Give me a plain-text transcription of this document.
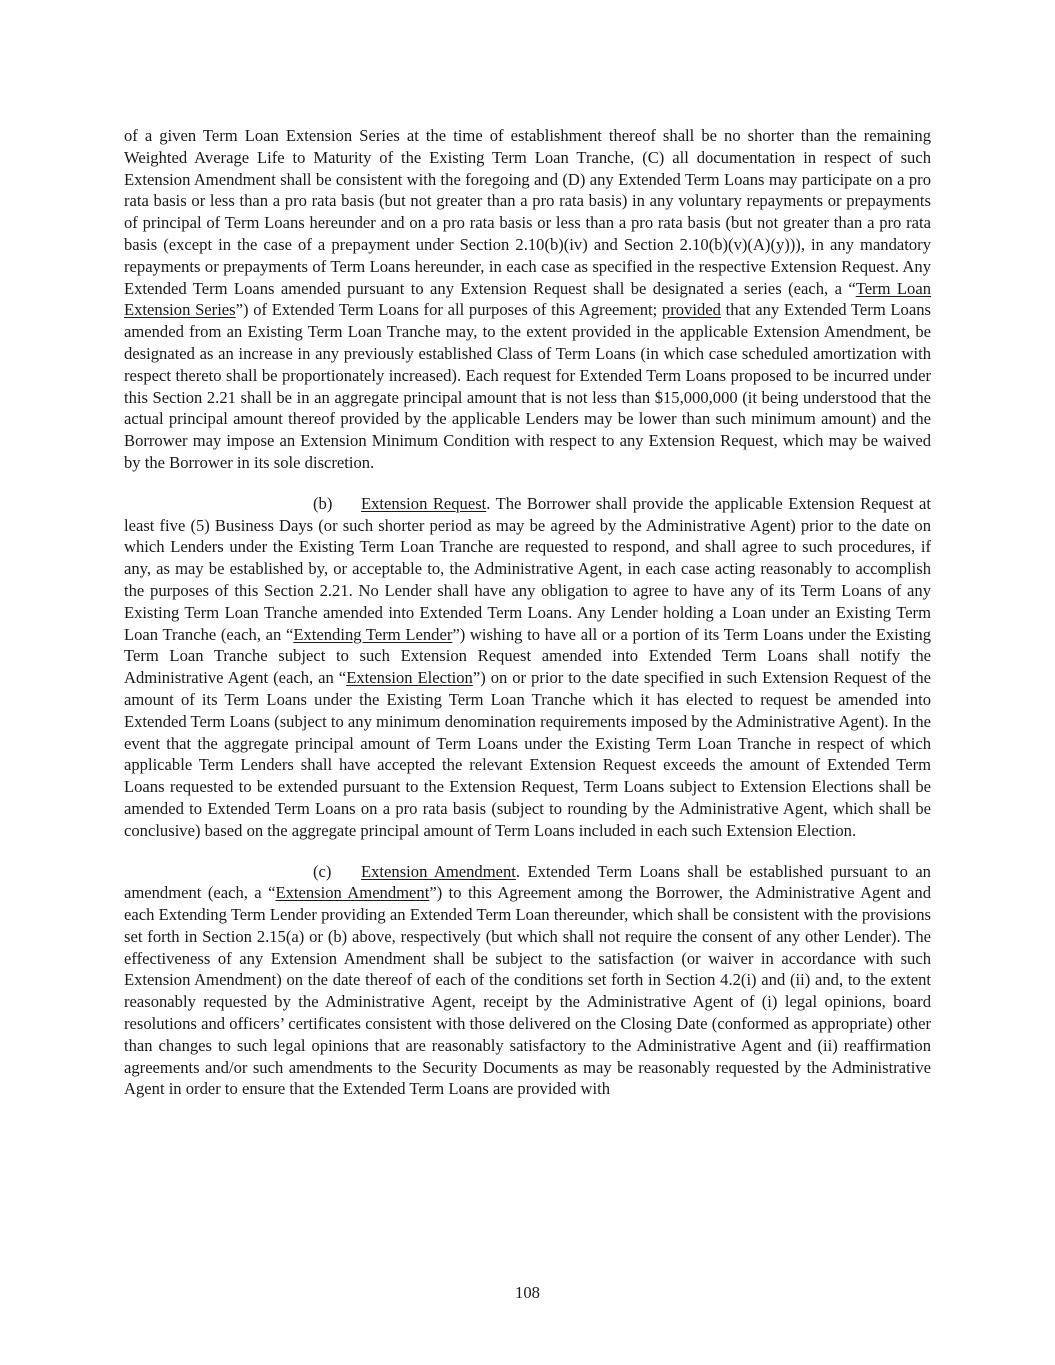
of a given Term Loan Extension Series at the time of establishment thereof shall be no shorter than the remaining Weighted Average Life to Maturity of the Existing Term Loan Tranche, (C) all documentation in respect of such Extension Amendment shall be consistent with the foregoing and (D) any Extended Term Loans may participate on a pro rata basis or less than a pro rata basis (but not greater than a pro rata basis) in any voluntary repayments or prepayments of principal of Term Loans hereunder and on a pro rata basis or less than a pro rata basis (but not greater than a pro rata basis (except in the case of a prepayment under Section 2.10(b)(iv) and Section 2.10(b)(v)(A)(y))), in any mandatory repayments or prepayments of Term Loans hereunder, in each case as specified in the respective Extension Request. Any Extended Term Loans amended pursuant to any Extension Request shall be designated a series (each, a “Term Loan Extension Series”) of Extended Term Loans for all purposes of this Agreement; provided that any Extended Term Loans amended from an Existing Term Loan Tranche may, to the extent provided in the applicable Extension Amendment, be designated as an increase in any previously established Class of Term Loans (in which case scheduled amortization with respect thereto shall be proportionately increased). Each request for Extended Term Loans proposed to be incurred under this Section 2.21 shall be in an aggregate principal amount that is not less than $15,000,000 (it being understood that the actual principal amount thereof provided by the applicable Lenders may be lower than such minimum amount) and the Borrower may impose an Extension Minimum Condition with respect to any Extension Request, which may be waived by the Borrower in its sole discretion.

(b) Extension Request. The Borrower shall provide the applicable Extension Request at least five (5) Business Days (or such shorter period as may be agreed by the Administrative Agent) prior to the date on which Lenders under the Existing Term Loan Tranche are requested to respond, and shall agree to such procedures, if any, as may be established by, or acceptable to, the Administrative Agent, in each case acting reasonably to accomplish the purposes of this Section 2.21. No Lender shall have any obligation to agree to have any of its Term Loans of any Existing Term Loan Tranche amended into Extended Term Loans. Any Lender holding a Loan under an Existing Term Loan Tranche (each, an “Extending Term Lender”) wishing to have all or a portion of its Term Loans under the Existing Term Loan Tranche subject to such Extension Request amended into Extended Term Loans shall notify the Administrative Agent (each, an “Extension Election”) on or prior to the date specified in such Extension Request of the amount of its Term Loans under the Existing Term Loan Tranche which it has elected to request be amended into Extended Term Loans (subject to any minimum denomination requirements imposed by the Administrative Agent). In the event that the aggregate principal amount of Term Loans under the Existing Term Loan Tranche in respect of which applicable Term Lenders shall have accepted the relevant Extension Request exceeds the amount of Extended Term Loans requested to be extended pursuant to the Extension Request, Term Loans subject to Extension Elections shall be amended to Extended Term Loans on a pro rata basis (subject to rounding by the Administrative Agent, which shall be conclusive) based on the aggregate principal amount of Term Loans included in each such Extension Election.

(c) Extension Amendment. Extended Term Loans shall be established pursuant to an amendment (each, a “Extension Amendment”) to this Agreement among the Borrower, the Administrative Agent and each Extending Term Lender providing an Extended Term Loan thereunder, which shall be consistent with the provisions set forth in Section 2.15(a) or (b) above, respectively (but which shall not require the consent of any other Lender). The effectiveness of any Extension Amendment shall be subject to the satisfaction (or waiver in accordance with such Extension Amendment) on the date thereof of each of the conditions set forth in Section 4.2(i) and (ii) and, to the extent reasonably requested by the Administrative Agent, receipt by the Administrative Agent of (i) legal opinions, board resolutions and officers’ certificates consistent with those delivered on the Closing Date (conformed as appropriate) other than changes to such legal opinions that are reasonably satisfactory to the Administrative Agent and (ii) reaffirmation agreements and/or such amendments to the Security Documents as may be reasonably requested by the Administrative Agent in order to ensure that the Extended Term Loans are provided with

108
